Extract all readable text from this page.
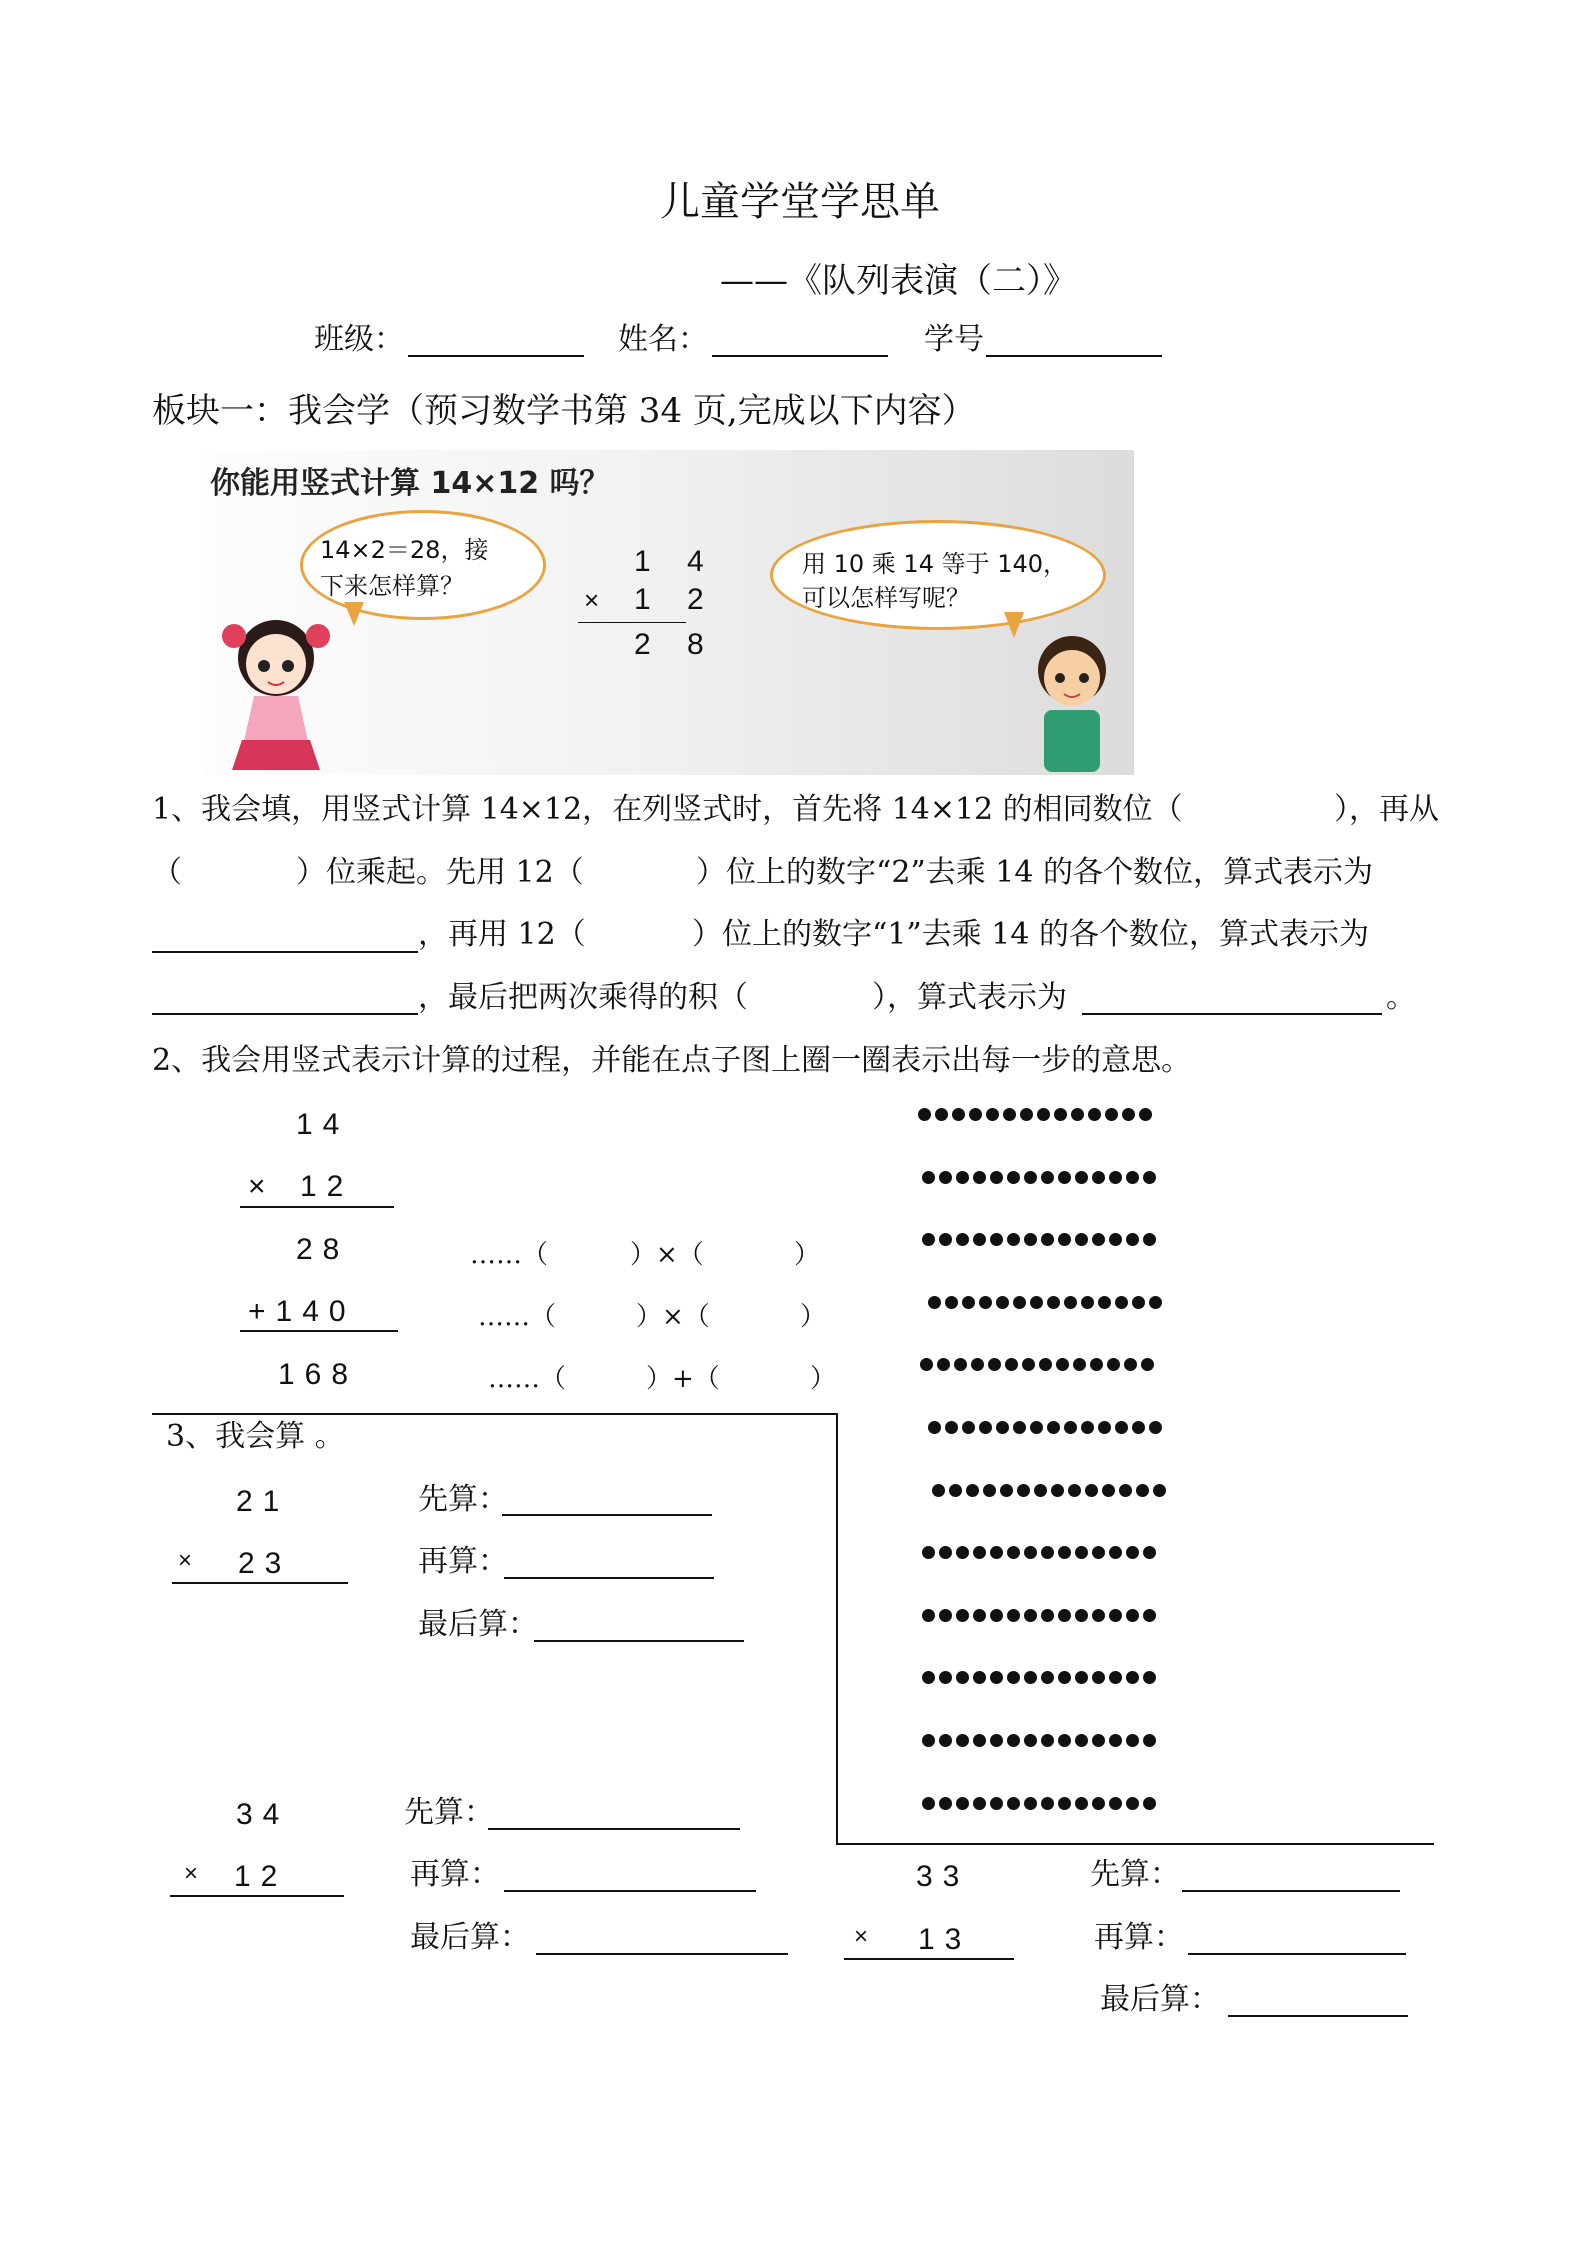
儿童学堂学思单
——《队列表演（二）》
班级：	姓名：	学号
板块一：我会学（预习数学书第 34 页,完成以下内容）
你能用竖式计算 14×12 吗？
14×2＝28，接
下来怎样算？
1 4
× 1 2
2 8
用 10 乘 14 等于 140，
可以怎样写呢？
1、我会填，用竖式计算 14×12，在列竖式时，首先将 14×12 的相同数位（	），再从
（	）位乘起。先用 12（	）位上的数字“2”去乘 14 的各个数位，算式表示为
，再用 12（	）位上的数字“1”去乘 14 的各个数位，算式表示为
，最后把两次乘得的积（	），算式表示为	。
2、我会用竖式表示计算的过程，并能在点子图上圈一圈表示出每一步的意思。
14
× 12
28
+140
168
……（	）×（	）
……（	）×（	）
……（	）+（	）
3、我会算 。
21
× 23
先算：
再算：
最后算：
34
× 12
先算：
再算：
最后算：
33
× 13
先算：
再算：
最后算：
